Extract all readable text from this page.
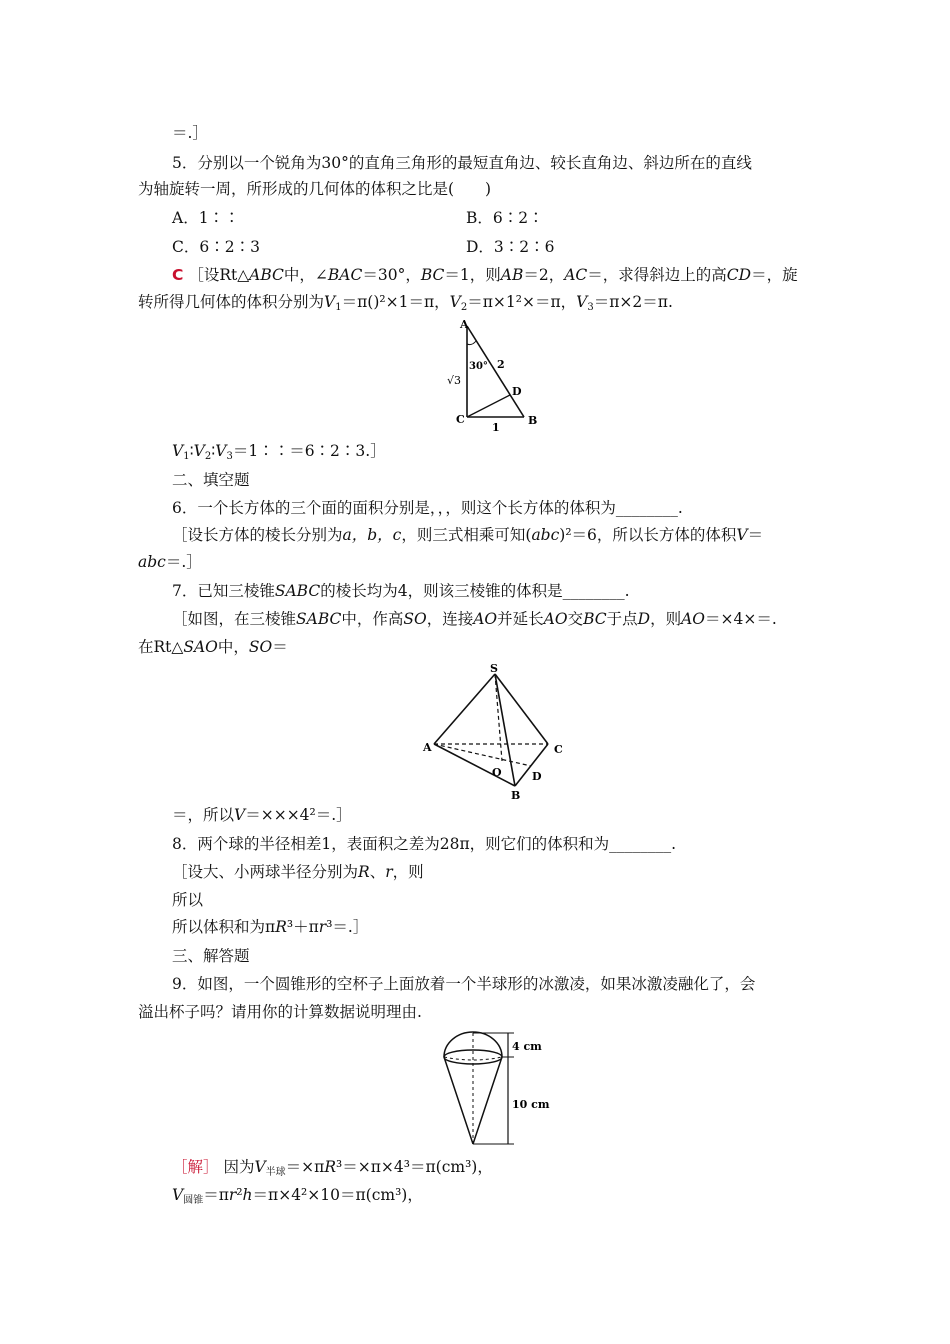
＝.］
5．分别以一个锐角为30°的直角三角形的最短直角边、较长直角边、斜边所在的直线
为轴旋转一周，所形成的几何体的体积之比是(　　)
A．1∶∶	B．6∶2∶
C．6∶2∶3	D．3∶2∶6
C ［设Rt△ABC中，∠BAC＝30°，BC＝1，则AB＝2，AC＝，求得斜边上的高CD＝，旋
转所得几何体的体积分别为$V_1=\pi()^2\times 1=\pi$，$V_2=\pi\times 1^2\times=\pi$，$V_3=\pi\times 2=\pi$.
A
B
C
D
30° 2
√3
1
$V_1∶V_2∶V_3=1∶∶=6∶2∶3.]$
二、填空题
6．一个长方体的三个面的面积分别是，，，则这个长方体的体积为________.
［设长方体的棱长分别为a，b，c，则三式相乘可知(abc)²＝6，所以长方体的体积V＝
abc＝.］
7．已知三棱锥SABC的棱长均为4，则该三棱锥的体积是________.
［如图，在三棱锥SABC中，作高SO，连接AO并延长AO交BC于点D，则AO＝×4×＝.
在Rt△SAO中，SO＝
S
A	C
B
D
O
＝，所以V＝×××4²＝.］
8．两个球的半径相差1，表面积之差为28π，则它们的体积和为________.
［设大、小两球半径分别为R、r，则
所以
所以体积和为πR³＋πr³＝.］
三、解答题
9．如图，一个圆锥形的空杯子上面放着一个半球形的冰激凌，如果冰激凌融化了，会
溢出杯子吗？请用你的计算数据说明理由.
4 cm
10 cm
［解］ 因为$V_{半球}=\times\pi R^3=\times\pi\times 4^3=\pi(cm^3)$，
$V_{圆锥}=\pi r^2h=\pi\times 4^2\times 10=\pi(cm^3)$，
